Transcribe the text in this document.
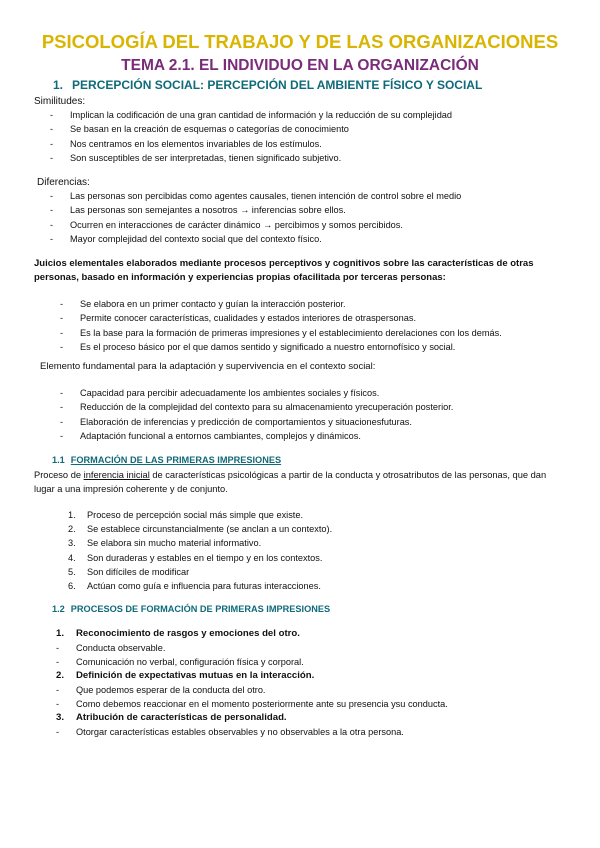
PSICOLOGÍA DEL TRABAJO Y DE LAS ORGANIZACIONES
TEMA 2.1. EL INDIVIDUO EN LA ORGANIZACIÓN
1. PERCEPCIÓN SOCIAL: PERCEPCIÓN DEL AMBIENTE FÍSICO Y SOCIAL
Similitudes:
- Implican la codificación de una gran cantidad de información y la reducción de su complejidad
- Se basan en la creación de esquemas o categorías de conocimiento
- Nos centramos en los elementos invariables de los estímulos.
- Son susceptibles de ser interpretadas, tienen significado subjetivo.
Diferencias:
- Las personas son percibidas como agentes causales, tienen intención de control sobre el medio
- Las personas son semejantes a nosotros → inferencias sobre ellos.
- Ocurren en interacciones de carácter dinámico → percibimos y somos percibidos.
- Mayor complejidad del contexto social que del contexto físico.
Juicios elementales elaborados mediante procesos perceptivos y cognitivos sobre las características de otras personas, basado en información y experiencias propias ofacilitada por terceras personas:
- Se elabora en un primer contacto y guían la interacción posterior.
- Permite conocer características, cualidades y estados interiores de otraspersonas.
- Es la base para la formación de primeras impresiones y el establecimiento derelaciones con los demás.
- Es el proceso básico por el que damos sentido y significado a nuestro entornofísico y social.
Elemento fundamental para la adaptación y supervivencia en el contexto social:
- Capacidad para percibir adecuadamente los ambientes sociales y físicos.
- Reducción de la complejidad del contexto para su almacenamiento yrecuperación posterior.
- Elaboración de inferencias y predicción de comportamientos y situacionesfuturas.
- Adaptación funcional a entornos cambiantes, complejos y dinámicos.
1.1 FORMACIÓN DE LAS PRIMERAS IMPRESIONES
Proceso de inferencia inicial de características psicológicas a partir de la conducta y otrosatributos de las personas, que dan lugar a una impresión coherente y de conjunto.
1. Proceso de percepción social más simple que existe.
2. Se establece circunstancialmente (se anclan a un contexto).
3. Se elabora sin mucho material informativo.
4. Son duraderas y estables en el tiempo y en los contextos.
5. Son difíciles de modificar
6. Actúan como guía e influencia para futuras interacciones.
1.2 PROCESOS DE FORMACIÓN DE PRIMERAS IMPRESIONES
1. Reconocimiento de rasgos y emociones del otro.
- Conducta observable.
- Comunicación no verbal, configuración física y corporal.
2. Definición de expectativas mutuas en la interacción.
- Que podemos esperar de la conducta del otro.
- Como debemos reaccionar en el momento posteriormente ante su presencia ysu conducta.
3. Atribución de características de personalidad.
- Otorgar características estables observables y no observables a la otra persona.
